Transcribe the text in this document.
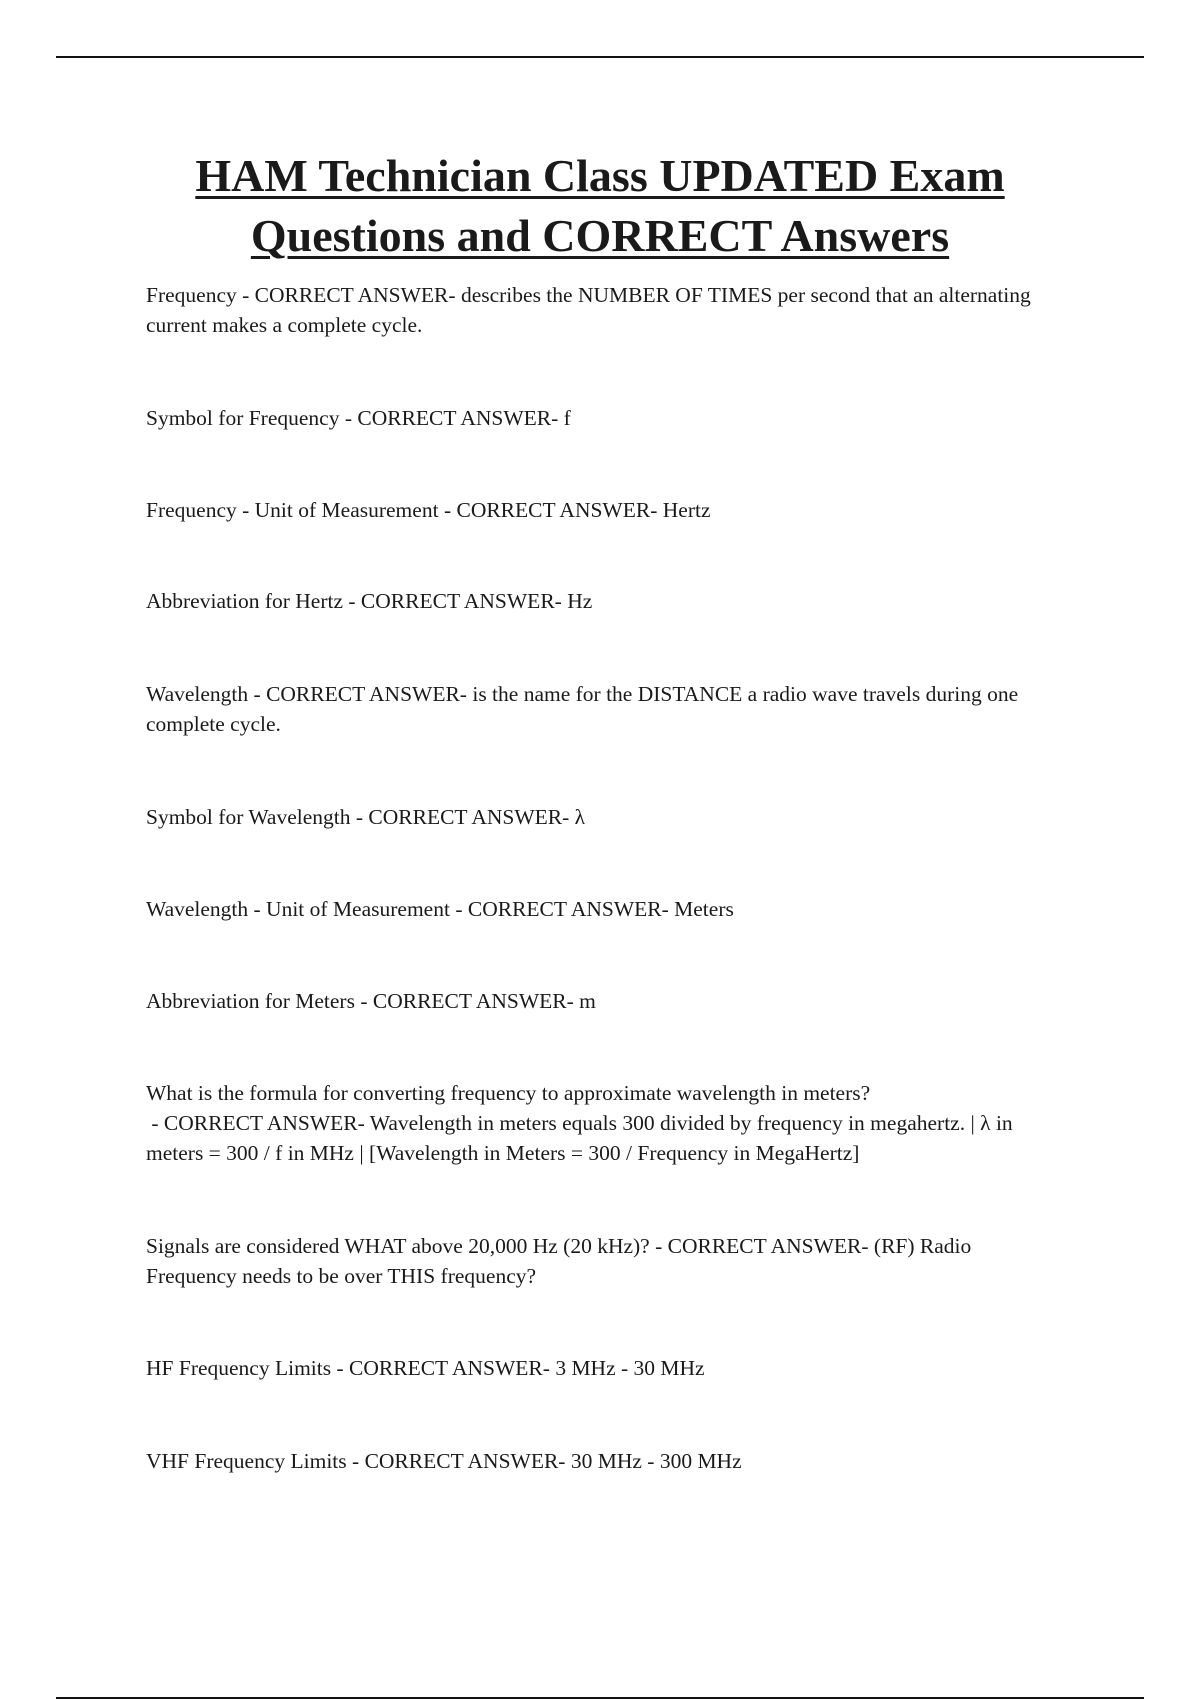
HAM Technician Class UPDATED Exam
Questions and CORRECT Answers

Frequency - CORRECT ANSWER- describes the NUMBER OF TIMES per second that an alternating current makes a complete cycle.

Symbol for Frequency - CORRECT ANSWER- f

Frequency - Unit of Measurement - CORRECT ANSWER- Hertz

Abbreviation for Hertz - CORRECT ANSWER- Hz

Wavelength - CORRECT ANSWER- is the name for the DISTANCE a radio wave travels during one complete cycle.

Symbol for Wavelength - CORRECT ANSWER- λ

Wavelength - Unit of Measurement - CORRECT ANSWER- Meters

Abbreviation for Meters - CORRECT ANSWER- m

What is the formula for converting frequency to approximate wavelength in meters? - CORRECT ANSWER- Wavelength in meters equals 300 divided by frequency in megahertz. | λ in meters = 300 / f in MHz | [Wavelength in Meters = 300 / Frequency in MegaHertz]

Signals are considered WHAT above 20,000 Hz (20 kHz)? - CORRECT ANSWER- (RF) Radio Frequency needs to be over THIS frequency?

HF Frequency Limits - CORRECT ANSWER- 3 MHz - 30 MHz

VHF Frequency Limits - CORRECT ANSWER- 30 MHz - 300 MHz
